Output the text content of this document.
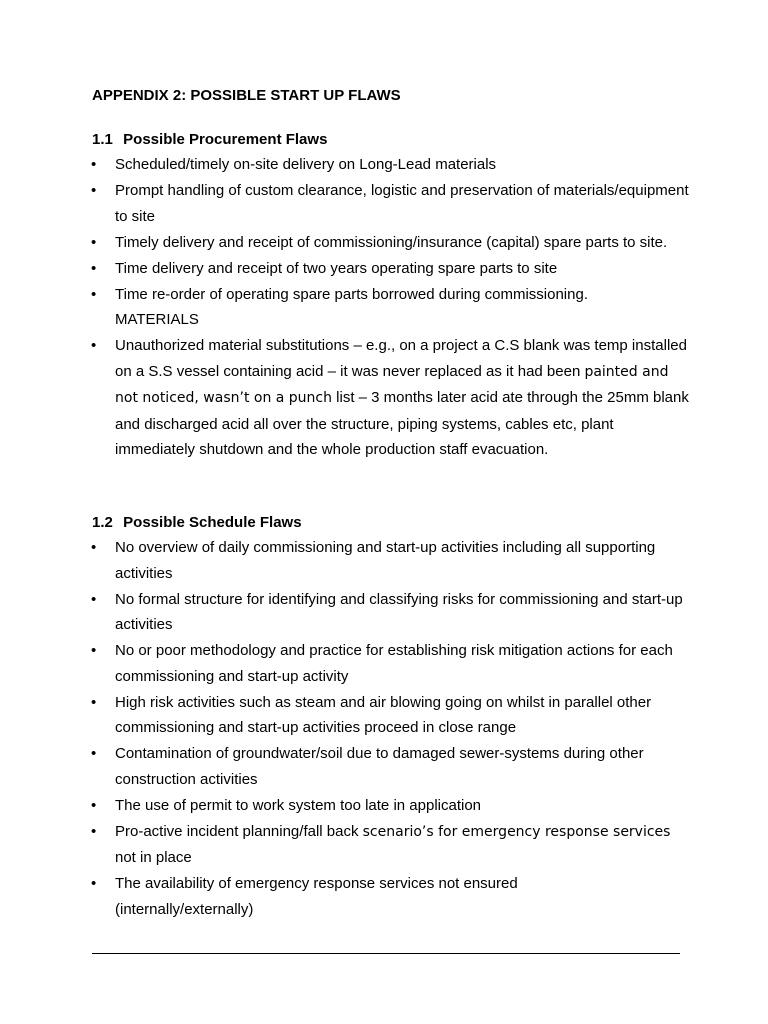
APPENDIX 2: POSSIBLE START UP FLAWS
1.1 Possible Procurement Flaws
• Scheduled/timely on-site delivery on Long-Lead materials
• Prompt handling of custom clearance, logistic and preservation of materials/equipment to site
• Timely delivery and receipt of commissioning/insurance (capital) spare parts to site.
• Time delivery and receipt of two years operating spare parts to site
• Time re-order of operating spare parts borrowed during commissioning. MATERIALS
• Unauthorized material substitutions – e.g., on a project a C.S blank was temp installed on a S.S vessel containing acid – it was never replaced as it had been painted and not noticed, wasn’t on a punch list – 3 months later acid ate through the 25mm blank and discharged acid all over the structure, piping systems, cables etc, plant immediately shutdown and the whole production staff evacuation.
1.2 Possible Schedule Flaws
• No overview of daily commissioning and start-up activities including all supporting activities
• No formal structure for identifying and classifying risks for commissioning and start-up activities
• No or poor methodology and practice for establishing risk mitigation actions for each commissioning and start-up activity
• High risk activities such as steam and air blowing going on whilst in parallel other commissioning and start-up activities proceed in close range
• Contamination of groundwater/soil due to damaged sewer-systems during other construction activities
• The use of permit to work system too late in application
• Pro-active incident planning/fall back scenario’s for emergency response services not in place
• The availability of emergency response services not ensured (internally/externally)
